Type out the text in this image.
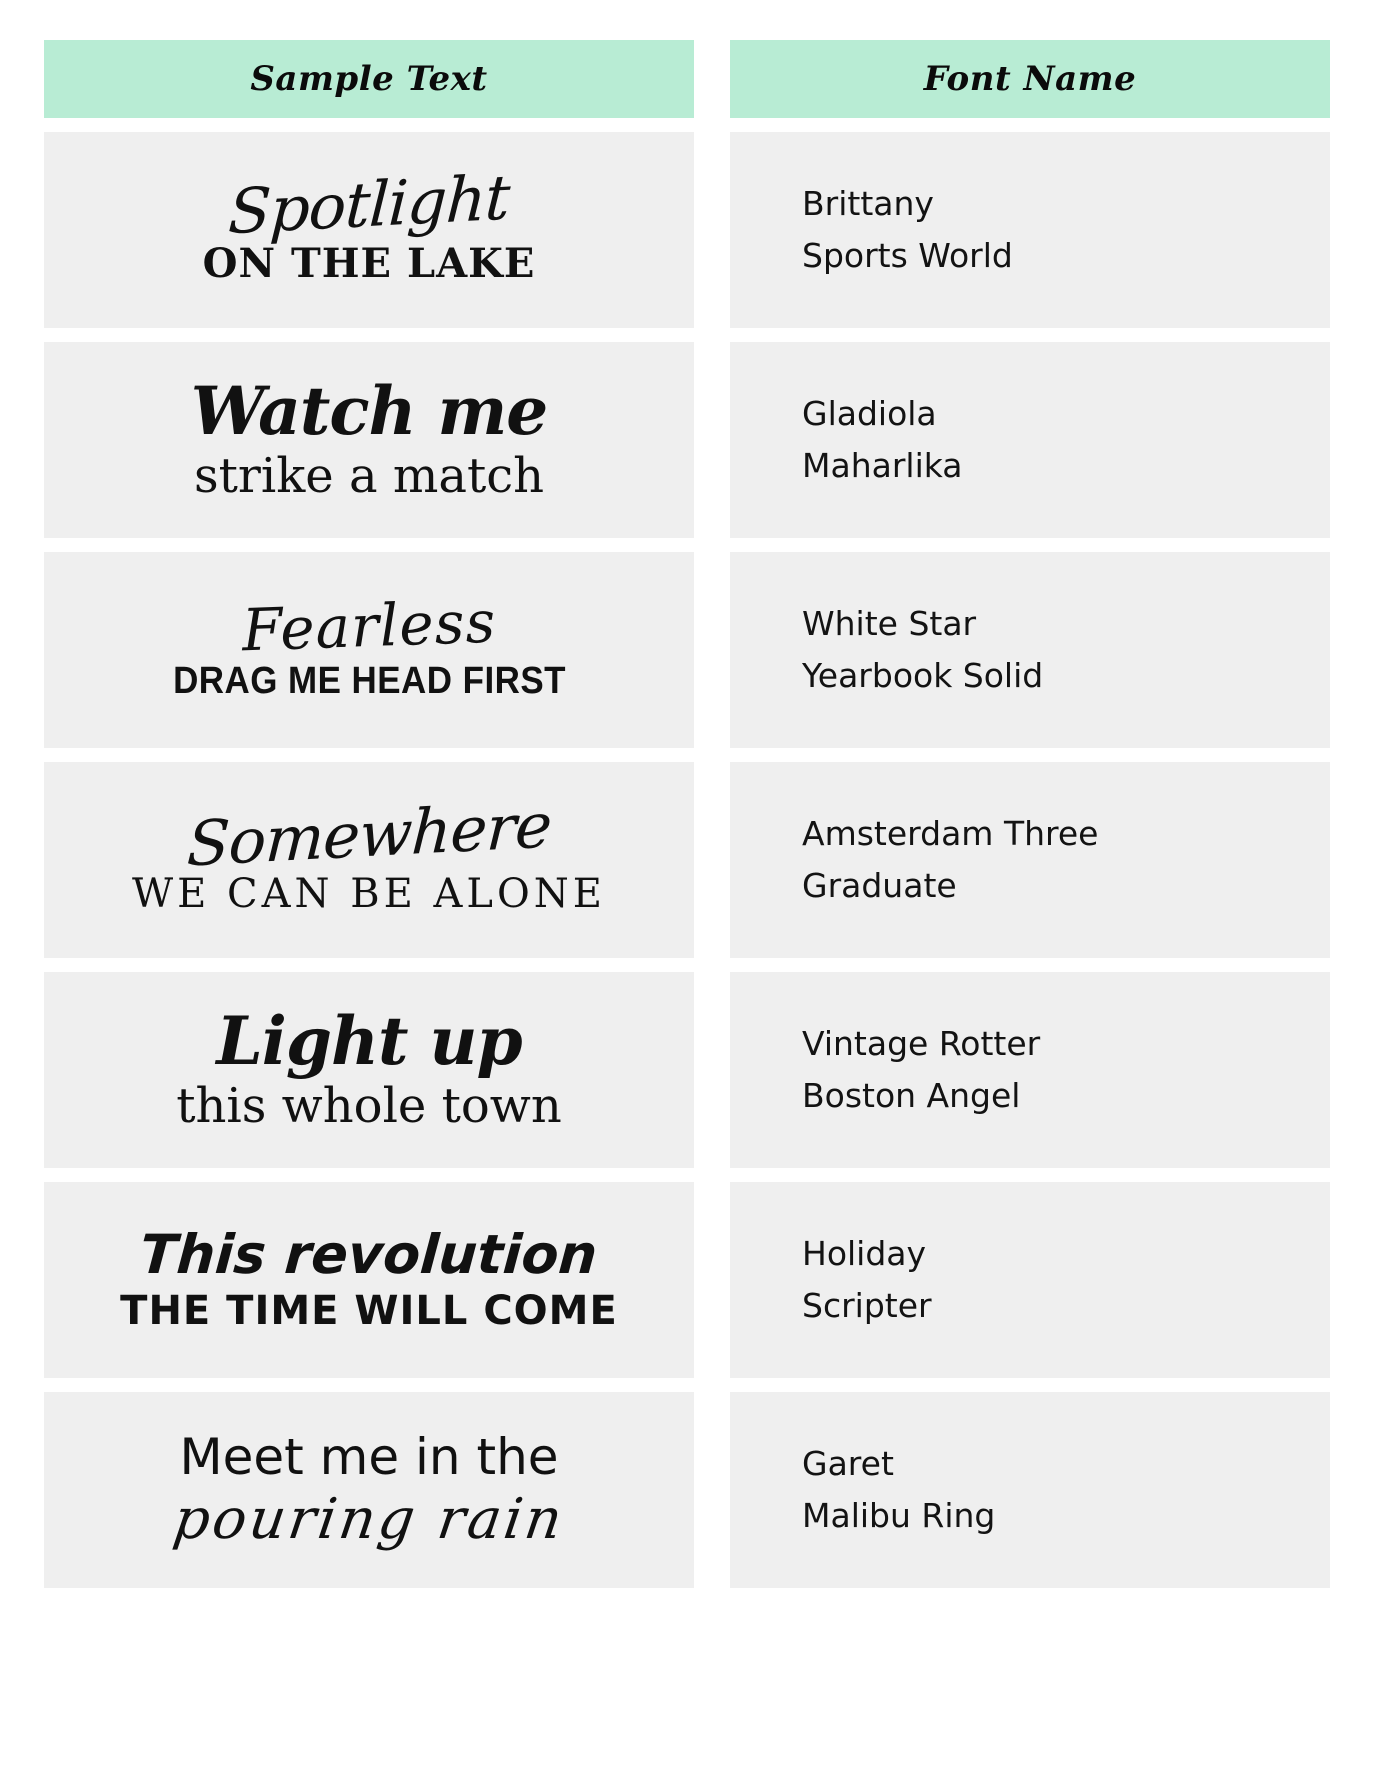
Sample Text	Font Name
Spotlight
ON THE LAKE
Brittany
Sports World
Watch me
strike a match
Gladiola
Maharlika
Fearless
DRAG ME HEAD FIRST
White Star
Yearbook Solid
Somewhere
WE CAN BE ALONE
Amsterdam Three
Graduate
Light up
this whole town
Vintage Rotter
Boston Angel
This revolution
THE TIME WILL COME
Holiday
Scripter
Meet me in the
pouring rain
Garet
Malibu Ring
